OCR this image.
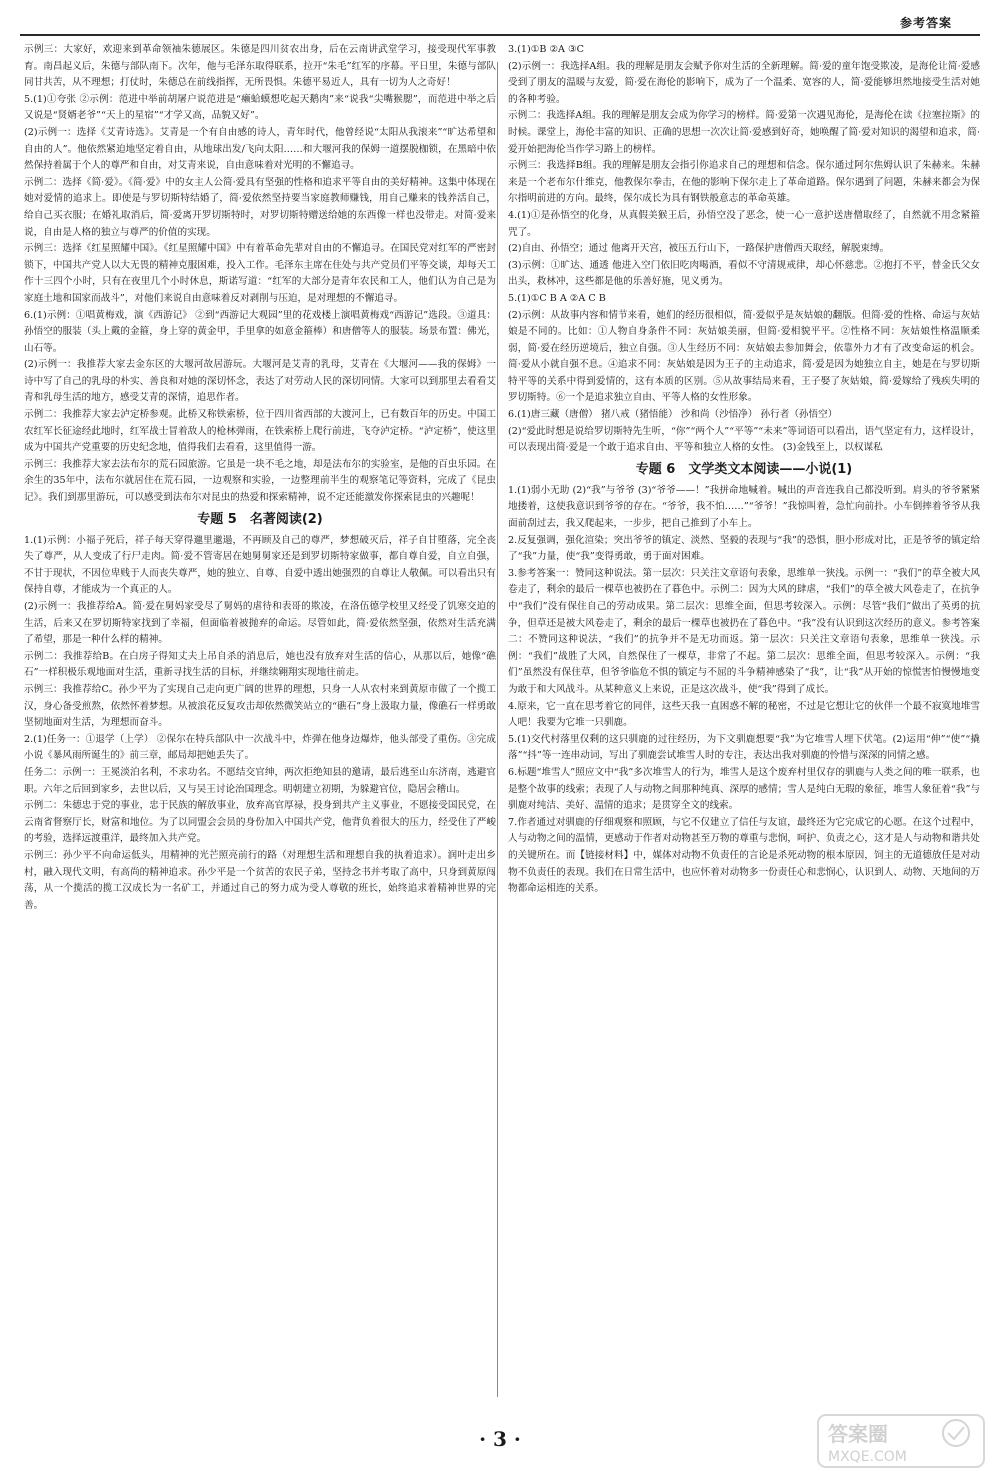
参考答案

示例三：大家好，欢迎来到革命领袖朱德展区。朱德是四川贫农出身，后在云南讲武堂学习，接受现代军事教育。南昌起义后，朱德与部队南下。次年，他与毛泽东取得联系，拉开“朱毛”红军的序幕。平日里，朱德与部队同甘共苦，从不理想；打仗时，朱德总在前线指挥，无所畏惧。朱德平易近人，具有一切为人之奇好！

5.(1)①夸张 ②示例：范进中举前胡屠户说范进是“癞蛤蟆想吃起天鹅肉”来“说我“尖嘴猴腮”，而范进中举之后又说是“贤婿老爷”“天上的星宿”“才学又高，品貌又好”。

(2)示例一：选择《艾青诗选》。艾青是一个有自由感的诗人，青年时代，他曾经说“太阳从我滚来”“旷达希望和自由的人”。他依然紧迫地坚定着自由，从地球出发/飞向太阳……和大堰河我的保姆一道摆脱枷锁，在黑暗中依然保持着属于个人的尊严和自由，对艾青来说，自由意味着对光明的不懈追寻。

示例二：选择《简·爱》。《简·爱》中的女主人公简·爱具有坚强的性格和追求平等自由的美好精神。这集中体现在她对爱情的追求上。即使是与罗切斯特结婚了，简·爱依然坚持要当家庭教师赚钱，用自己赚来的钱养活自己，给自己买衣服；在婚礼取消后，简·爱离开罗切斯特时，对罗切斯特赠送给她的东西像一样也没带走。对简·爱来说，自由是人格的独立与尊严的价值的实现。

示例三：选择《红星照耀中国》。《红星照耀中国》中有着革命先辈对自由的不懈追寻。在国民党对红军的严密封锁下，中国共产党人以大无畏的精神克服困难，投入工作。毛泽东主席在住处与共产党员们平等交谈，却每天工作十三四个小时，只有在夜里几个小时休息，斯诺写道：“红军的大部分是青年农民和工人，他们认为自己是为家庭土地和国家而战斗”，对他们来说自由意味着反对剥削与压迫，是对理想的不懈追寻。

6.(1)示例：①唱黄梅戏，演《西游记》 ②到“西游记大观园”里的花戏楼上演唱黄梅戏“西游记”选段。③道具：孙悟空的服装（头上戴的金箍，身上穿的黄金甲，手里拿的如意金箍棒）和唐僧等人的服装。场景布置：佛光，山石等。

(2)示例一：我推荐大家去金东区的大堰河故居游玩。大堰河是艾青的乳母，艾青在《大堰河——我的保姆》一诗中写了自己的乳母的朴实、善良和对她的深切怀念，表达了对劳动人民的深切同情。大家可以到那里去看看艾青和乳母生活的地方，感受艾青的深情，追思作者。

示例二：我推荐大家去泸定桥参观。此桥又称铁索桥，位于四川省西部的大渡河上，已有数百年的历史。中国工农红军长征途经此地时，红军战士冒着敌人的枪林弹雨，在铁索桥上爬行前进，飞夺泸定桥。“泸定桥”，使这里成为中国共产党重要的历史纪念地，值得我们去看看，这里值得一游。

示例三：我推荐大家去法布尔的荒石园旅游。它虽是一块不毛之地，却是法布尔的实验室，是他的百虫乐园。在余生的35年中，法布尔就居住在荒石园，一边观察和实验，一边整理前半生的观察笔记等资料，完成了《昆虫记》。我们到那里游玩，可以感受到法布尔对昆虫的热爱和探索精神，说不定还能激发你探索昆虫的兴趣呢！

专题 5　名著阅读(2)

1.(1)示例：小福子死后，祥子每天穿得邋里邋遢，不再顾及自己的尊严，梦想破灭后，祥子自甘堕落，完全丧失了尊严，从人变成了行尸走肉。简·爱不管寄居在她舅舅家还是到罗切斯特家做事，都自尊自爱，自立自强，不甘于现状，不因位卑贱于人而丧失尊严，她的独立、自尊、自爱中透出她强烈的自尊让人敬佩。可以看出只有保持自尊，才能成为一个真正的人。

(2)示例一：我推荐给A。简·爱在舅妈家受尽了舅妈的虐待和表哥的欺凌，在洛伍德学校里又经受了饥寒交迫的生活，后来又在罗切斯特家找到了幸福，但面临着被抛弃的命运。尽管如此，简·爱依然坚强，依然对生活充满了希望，那是一种什么样的精神。

示例二：我推荐给B。在白房子得知丈夫上吊自杀的消息后，她也没有放弃对生活的信心，从那以后，她像“礁石”一样积极乐观地面对生活，重新寻找生活的目标，并继续翱翔实现地往前走。

示例三：我推荐给C。孙少平为了实现自己走向更广阔的世界的理想，只身一人从农村来到黄原市做了一个揽工汉，身心备受煎熬，依然怀着梦想。从被浪花反复攻击却依然微笑站立的“礁石”身上汲取力量，像礁石一样勇敢坚韧地面对生活，为理想而奋斗。

2.(1)任务一：①退学（上学） ②保尔在特兵部队中一次战斗中，炸弹在他身边爆炸，他头部受了重伤。③完成小说《暴风雨所诞生的》前三章，邮局却把她丢失了。

任务二：示例一：王冕淡泊名利，不求功名。不愿结交官绅，两次拒绝知县的邀请，最后逃至山东济南，逃避官职。六年之后回到家乡，去世以后，又与吴王讨论治国理念。明朝建立初期，为躲避官位，隐居会稽山。

示例二：朱德忠于党的事业，忠于民族的解放事业，放弃高官厚禄，投身到共产主义事业，不愿接受国民党，在云南省督察厅长，财富和地位。为了以同盟会会员的身份加入中国共产党，他背负着很大的压力，经受住了严峻的考验，选择远渡重洋，最终加入共产党。

示例三：孙少平不向命运低头，用精神的光芒照亮前行的路（对理想生活和理想自我的执着追求）。润叶走出乡村，融入现代文明，有高尚的精神追求。孙少平是一个贫苦的农民子弟，坚持念书并考取了高中，只身到黄原闯荡，从一个揽活的揽工汉成长为一名矿工，并通过自己的努力成为受人尊敬的班长，始终追求着精神世界的完善。

3.(1)①B ②A ③C

(2)示例一：我选择A组。我的理解是朋友会赋予你对生活的全新理解。简·爱的童年饱受欺凌，是海伦让简·爱感受到了朋友的温暖与友爱，简·爱在海伦的影响下，成为了一个温柔、宽容的人，简·爱能够坦然地接受生活对她的各种考验。

示例二：我选择A组。我的理解是朋友会成为你学习的榜样。简·爱第一次遇见海伦，是海伦在读《拉塞拉斯》的时候。课堂上，海伦丰富的知识、正确的思想一次次让简·爱感到好奇，她唤醒了简·爱对知识的渴望和追求，简·爱开始把海伦当作学习路上的榜样。

示例三：我选择B组。我的理解是朋友会指引你追求自己的理想和信念。保尔通过阿尔焦姆认识了朱赫来。朱赫来是一个老布尔什维克，他教保尔拳击，在他的影响下保尔走上了革命道路。保尔遇到了问题，朱赫来都会为保尔指明前进的方向。最终，保尔成长为具有钢铁般意志的革命英雄。

4.(1)①是孙悟空的化身，从真假美猴王后，孙悟空没了恶念，使一心一意护送唐僧取经了，自然就不用念紧箍咒了。

(2)自由、孙悟空；通过 他离开天宫，被压五行山下，一路保护唐僧西天取经，解脱束缚。

(3)示例：①旷达、通透 他进入空门依旧吃肉喝酒，看似不守清规戒律，却心怀慈悲。②抱打不平，替金氏父女出头，救林冲，这些都是他的乐善好施，见义勇为。

5.(1)①C B A ②A C B

(2)示例：从故事内容和情节来看，她们的经历很相似，简·爱似乎是灰姑娘的翻版。但简·爱的性格、命运与灰姑娘是不同的。比如：①人物自身条件不同：灰姑娘美丽，但简·爱相貌平平。②性格不同：灰姑娘性格温顺柔弱，简·爱在经历逆境后，独立自强。③人生经历不同：灰姑娘去参加舞会，依靠外力才有了改变命运的机会。简·爱从小就自强不息。④追求不同：灰姑娘是因为王子的主动追求，简·爱是因为她独立自主，她是在与罗切斯特平等的关系中得到爱情的，这有本质的区别。⑤从故事结局来看，王子娶了灰姑娘，简·爱嫁给了残疾失明的罗切斯特。⑥一个是追求独立自由、平等人格的女性形象。

6.(1)唐三藏（唐僧） 猪八戒（猪悟能） 沙和尚（沙悟净） 孙行者（孙悟空）

(2)“爱此时想是说给罗切斯特先生听，“你”“两个人”“平等”“未来”等词语可以看出，语气坚定有力，这样设计，可以表现出简·爱是一个敢于追求自由、平等和独立人格的女性。 (3)金钱至上，以权谋私

专题 6　文学类文本阅读——小说(1)

1.(1)弱小无助 (2)“我”与爷爷 (3)“爷爷——！”我拼命地喊着。喊出的声音连我自己都没听到。肩头的爷爷紧紧地搂着，这使我意识到爷爷的存在。“爷爷，我不怕……”“爷爷！”我惊叫着，急忙向前扑。小车倒摔着爷爷从我面前刮过去，我又爬起来，一步步，把自己推到了小车上。

2.反复强调，强化渲染；突出爷爷的镇定、淡然、坚毅的表现与“我”的恐惧，胆小形成对比，正是爷爷的镇定给了“我”力量，使“我”变得勇敢，勇于面对困难。

3.参考答案一：赞同这种说法。第一层次：只关注文章语句表象，思维单一狭浅。示例一：“我们”的草全被大风卷走了，剩余的最后一棵草也被扔在了暮色中。示例二：因为大风的肆虐，“我们”的草全被大风卷走了，在抗争中“我们”没有保住自己的劳动成果。第二层次：思维全面，但思考较深入。示例：尽管“我们”做出了英勇的抗争，但草还是被大风卷走了，剩余的最后一棵草也被扔在了暮色中。“我”没有认识到这次经历的意义。参考答案二：不赞同这种说法，“我们”的抗争并不是无功而返。第一层次：只关注文章语句表象，思维单一狭浅。示例：“我们”战胜了大风，自然保住了一棵草，非常了不起。第二层次：思维全面，但思考较深入。示例：“我们”虽然没有保住草，但爷爷临危不惧的镇定与不屈的斗争精神感染了“我”，让“我”从开始的惊慌害怕慢慢地变为敢于和大风战斗。从某种意义上来说，正是这次战斗，使“我”得到了成长。

4.原来，它一直在思考着它的同伴，这些天我一直困惑不解的秘密，不过是它想让它的伙伴一个最不寂寞地堆雪人吧！我要为它堆一只驯鹿。

5.(1)交代村落里仅剩的这只驯鹿的过往经历，为下文驯鹿想要“我”为它堆雪人埋下伏笔。(2)运用“伸”“使”“撬落”“抖”等一连串动词，写出了驯鹿尝试堆雪人时的专注，表达出我对驯鹿的怜惜与深深的同情之感。

6.标题“堆雪人”照应文中“我”多次堆雪人的行为，堆雪人是这个废弃村里仅存的驯鹿与人类之间的唯一联系，也是整个故事的线索；表现了人与动物之间那种纯真、深厚的感情；雪人是纯白无瑕的象征，堆雪人象征着“我”与驯鹿对纯洁、美好、温情的追求；是贯穿全文的线索。

7.作者通过对驯鹿的仔细观察和照顾，与它不仅建立了信任与友谊，最终还为它完成它的心愿。在这个过程中，人与动物之间的温情，更感动于作者对动物甚至万物的尊重与悲悯，呵护、负责之心，这才是人与动物和谐共处的关键所在。而【链接材料】中，媒体对动物不负责任的言论是杀死动物的根本原因，饲主的无道德放任是对动物不负责任的表现。我们在日常生活中，也应怀着对动物多一份责任心和悲悯心，认识到人、动物、天地间的万物都命运相连的关系。

· 3 ·	答案圈
MXQE.COM
